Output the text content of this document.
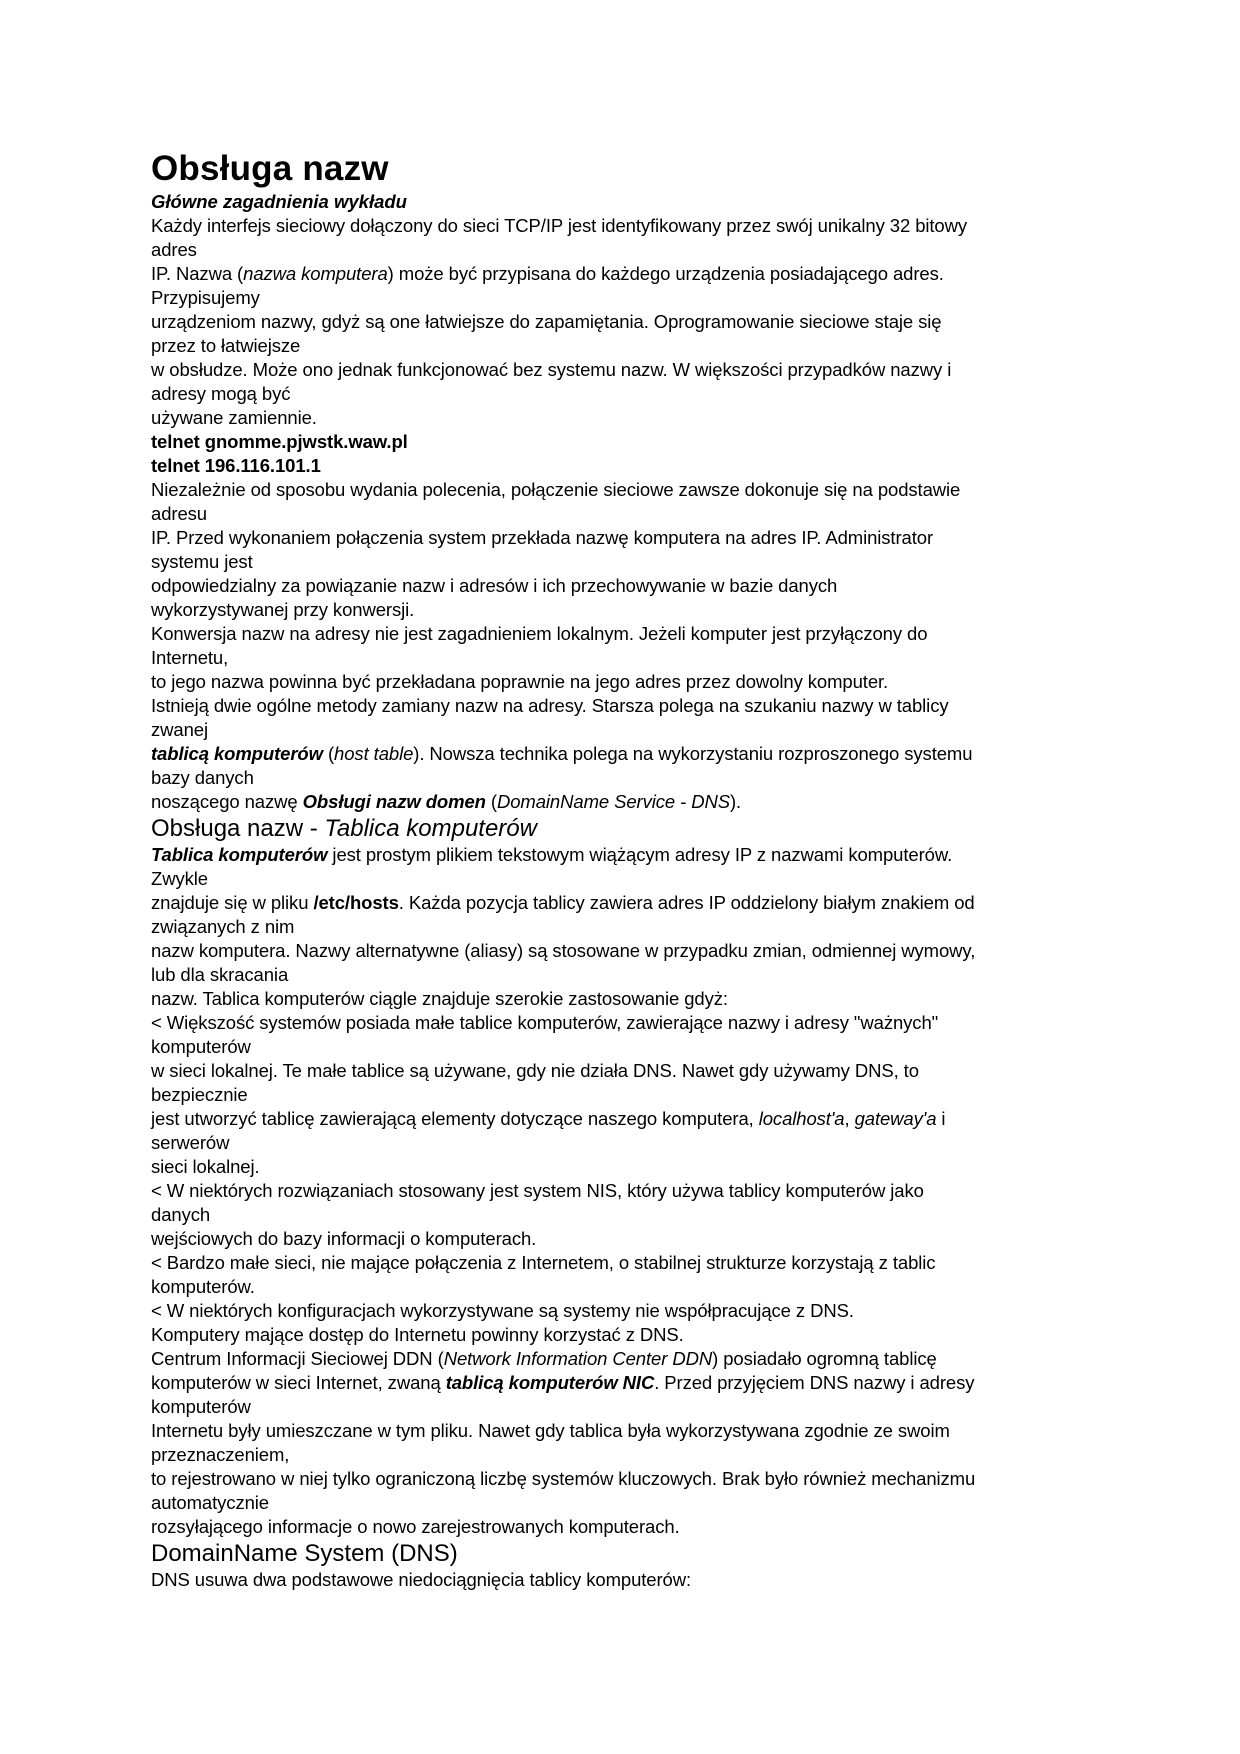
Obsługa nazw
Główne zagadnienia wykładu
Każdy interfejs sieciowy dołączony do sieci TCP/IP jest identyfikowany przez swój unikalny 32 bitowy
adres
IP. Nazwa (nazwa komputera) może być przypisana do każdego urządzenia posiadającego adres.
Przypisujemy
urządzeniom nazwy, gdyż są one łatwiejsze do zapamiętania. Oprogramowanie sieciowe staje się
przez to łatwiejsze
w obsłudze. Może ono jednak funkcjonować bez systemu nazw. W większości przypadków nazwy i
adresy mogą być
używane zamiennie.
telnet gnomme.pjwstk.waw.pl
telnet 196.116.101.1
Niezależnie od sposobu wydania polecenia, połączenie sieciowe zawsze dokonuje się na podstawie
adresu
IP. Przed wykonaniem połączenia system przekłada nazwę komputera na adres IP. Administrator
systemu jest
odpowiedzialny za powiązanie nazw i adresów i ich przechowywanie w bazie danych
wykorzystywanej przy konwersji.
Konwersja nazw na adresy nie jest zagadnieniem lokalnym. Jeżeli komputer jest przyłączony do
Internetu,
to jego nazwa powinna być przekładana poprawnie na jego adres przez dowolny komputer.
Istnieją dwie ogólne metody zamiany nazw na adresy. Starsza polega na szukaniu nazwy w tablicy
zwanej
tablicą komputerów (host table). Nowsza technika polega na wykorzystaniu rozproszonego systemu
bazy danych
noszącego nazwę Obsługi nazw domen (DomainName Service - DNS).
Obsługa nazw - Tablica komputerów
Tablica komputerów jest prostym plikiem tekstowym wiążącym adresy IP z nazwami komputerów.
Zwykle
znajduje się w pliku /etc/hosts. Każda pozycja tablicy zawiera adres IP oddzielony białym znakiem od
związanych z nim
nazw komputera. Nazwy alternatywne (aliasy) są stosowane w przypadku zmian, odmiennej wymowy,
lub dla skracania
nazw. Tablica komputerów ciągle znajduje szerokie zastosowanie gdyż:
< Większość systemów posiada małe tablice komputerów, zawierające nazwy i adresy "ważnych"
komputerów
w sieci lokalnej. Te małe tablice są używane, gdy nie działa DNS. Nawet gdy używamy DNS, to
bezpiecznie
jest utworzyć tablicę zawierającą elementy dotyczące naszego komputera, localhost'a, gateway'a i
serwerów
sieci lokalnej.
< W niektórych rozwiązaniach stosowany jest system NIS, który używa tablicy komputerów jako
danych
wejściowych do bazy informacji o komputerach.
< Bardzo małe sieci, nie mające połączenia z Internetem, o stabilnej strukturze korzystają z tablic
komputerów.
< W niektórych konfiguracjach wykorzystywane są systemy nie współpracujące z DNS.
Komputery mające dostęp do Internetu powinny korzystać z DNS.
Centrum Informacji Sieciowej DDN (Network Information Center DDN) posiadało ogromną tablicę
komputerów w sieci Internet, zwaną tablicą komputerów NIC. Przed przyjęciem DNS nazwy i adresy
komputerów
Internetu były umieszczane w tym pliku. Nawet gdy tablica była wykorzystywana zgodnie ze swoim
przeznaczeniem,
to rejestrowano w niej tylko ograniczoną liczbę systemów kluczowych. Brak było również mechanizmu
automatycznie
rozsyłającego informacje o nowo zarejestrowanych komputerach.
DomainName System (DNS)
DNS usuwa dwa podstawowe niedociągnięcia tablicy komputerów:
